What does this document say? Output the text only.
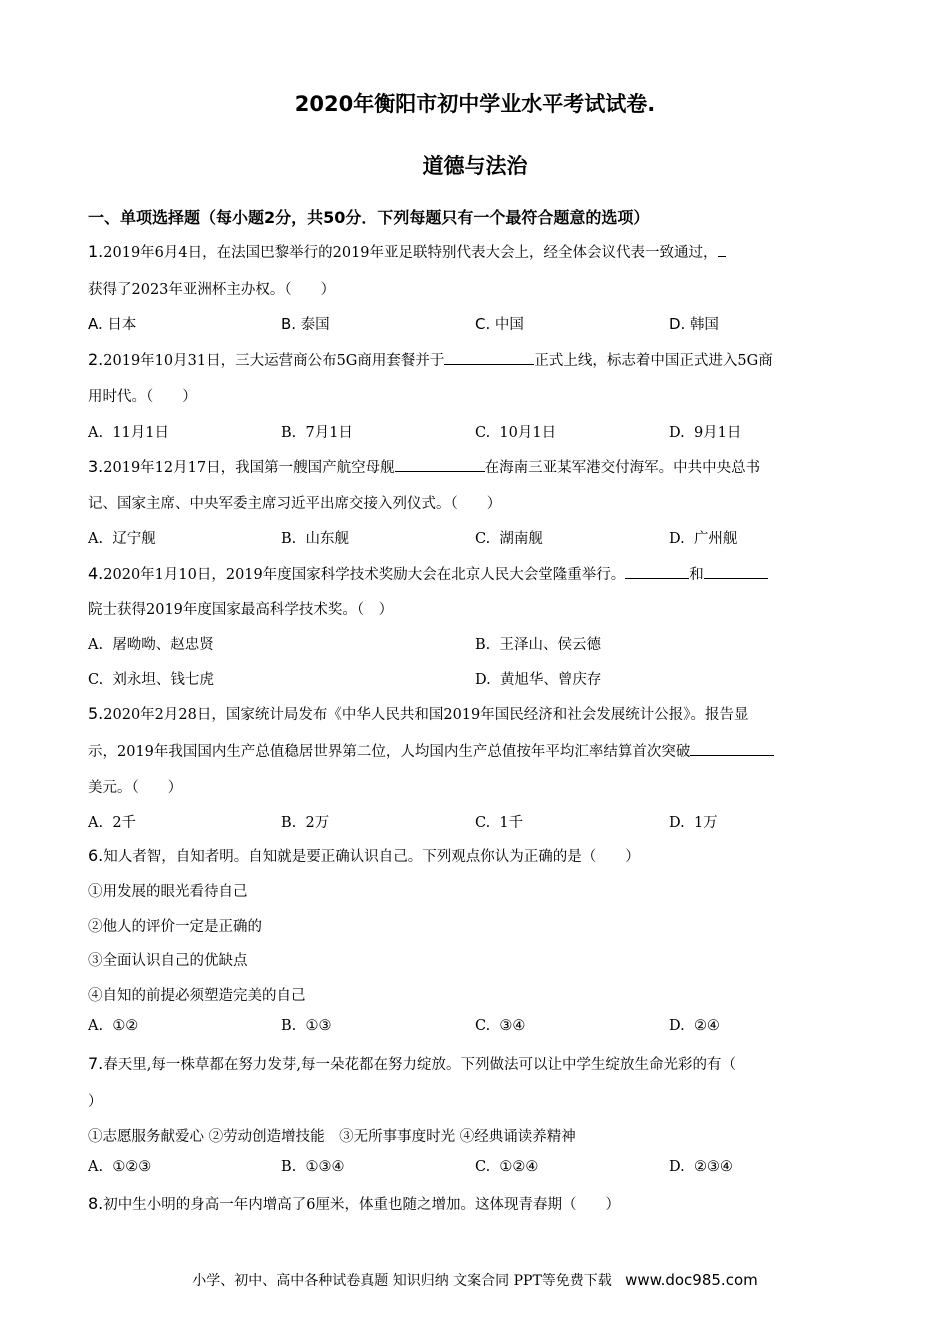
2020年衡阳市初中学业水平考试试卷.
道德与法治
一、单项选择题（每小题2分，共50分．下列每题只有一个最符合题意的选项）
1.2019年6月4日，在法国巴黎举行的2019年亚足联特别代表大会上，经全体会议代表一致通过，
获得了2023年亚洲杯主办权。（　　）
A. 日本	B. 泰国	C. 中国	D. 韩国
2.2019年10月31日，三大运营商公布5G商用套餐并于	正式上线，标志着中国正式进入5G商
用时代。（　　）
A. 11月1日	B. 7月1日	C. 10月1日	D. 9月1日
3.2019年12月17日，我国第一艘国产航空母舰	在海南三亚某军港交付海军。中共中央总书
记、国家主席、中央军委主席习近平出席交接入列仪式。（　　）
A. 辽宁舰	B. 山东舰	C. 湖南舰	D. 广州舰
4.2020年1月10日，2019年度国家科学技术奖励大会在北京人民大会堂隆重举行。	和
院士获得2019年度国家最高科学技术奖。（　）
A. 屠呦呦、赵忠贤	B. 王泽山、侯云德
C. 刘永坦、钱七虎	D. 黄旭华、曾庆存
5.2020年2月28日，国家统计局发布《中华人民共和国2019年国民经济和社会发展统计公报》。报告显
示，2019年我国国内生产总值稳居世界第二位，人均国内生产总值按年平均汇率结算首次突破
美元。（　　）
A. 2千	B. 2万	C. 1千	D. 1万
6.知人者智，自知者明。自知就是要正确认识自己。下列观点你认为正确的是（　　）
①用发展的眼光看待自己
②他人的评价一定是正确的
③全面认识自己的优缺点
④自知的前提必须塑造完美的自己
A. ①②	B. ①③	C. ③④	D. ②④
7.春天里,每一株草都在努力发芽,每一朵花都在努力绽放。下列做法可以让中学生绽放生命光彩的有（
）
①志愿服务献爱心 ②劳动创造增技能　③无所事事度时光 ④经典诵读养精神
A. ①②③	B. ①③④	C. ①②④	D. ②③④
8.初中生小明的身高一年内增高了6厘米，体重也随之增加。这体现青春期（　　）
小学、初中、高中各种试卷真题 知识归纳 文案合同 PPT等免费下载 www.doc985.com
